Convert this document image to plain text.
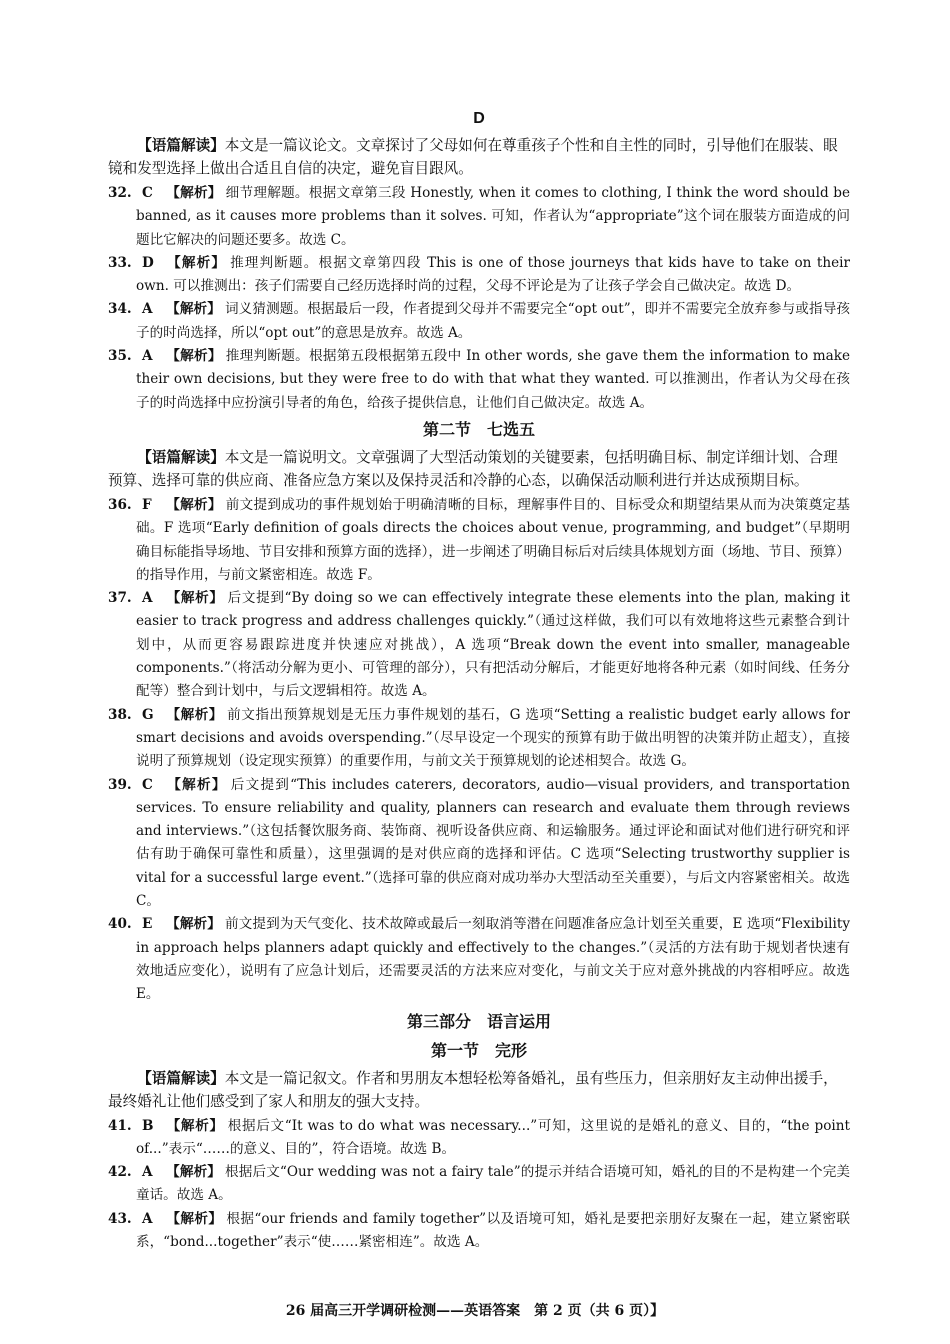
D

【语篇解读】本文是一篇议论文。文章探讨了父母如何在尊重孩子个性和自主性的同时，引导他们在服装、眼镜和发型选择上做出合适且自信的决定，避免盲目跟风。

32. C 【解析】 细节理解题。根据文章第三段 Honestly, when it comes to clothing, I think the word should be banned, as it causes more problems than it solves. 可知，作者认为“appropriate”这个词在服装方面造成的问题比它解决的问题还要多。故选 C。

33. D 【解析】 推理判断题。根据文章第四段 This is one of those journeys that kids have to take on their own. 可以推测出：孩子们需要自己经历选择时尚的过程，父母不评论是为了让孩子学会自己做决定。故选 D。

34. A 【解析】 词义猜测题。根据最后一段，作者提到父母并不需要完全“opt out”，即并不需要完全放弃参与或指导孩子的时尚选择，所以“opt out”的意思是放弃。故选 A。

35. A 【解析】 推理判断题。根据第五段根据第五段中 In other words, she gave them the information to make their own decisions, but they were free to do with that what they wanted. 可以推测出，作者认为父母在孩子的时尚选择中应扮演引导者的角色，给孩子提供信息，让他们自己做决定。故选 A。

第二节　七选五

【语篇解读】本文是一篇说明文。文章强调了大型活动策划的关键要素，包括明确目标、制定详细计划、合理预算、选择可靠的供应商、准备应急方案以及保持灵活和冷静的心态，以确保活动顺利进行并达成预期目标。

36. F 【解析】 前文提到成功的事件规划始于明确清晰的目标，理解事件目的、目标受众和期望结果从而为决策奠定基础。F 选项“Early definition of goals directs the choices about venue, programming, and budget”（早期明确目标能指导场地、节目安排和预算方面的选择），进一步阐述了明确目标后对后续具体规划方面（场地、节目、预算）的指导作用，与前文紧密相连。故选 F。

37. A 【解析】 后文提到“By doing so we can effectively integrate these elements into the plan, making it easier to track progress and address challenges quickly.”（通过这样做，我们可以有效地将这些元素整合到计划中，从而更容易跟踪进度并快速应对挑战），A 选项“Break down the event into smaller, manageable components.”（将活动分解为更小、可管理的部分），只有把活动分解后，才能更好地将各种元素（如时间线、任务分配等）整合到计划中，与后文逻辑相符。故选 A。

38. G 【解析】 前文指出预算规划是无压力事件规划的基石，G 选项“Setting a realistic budget early allows for smart decisions and avoids overspending.”（尽早设定一个现实的预算有助于做出明智的决策并防止超支），直接说明了预算规划（设定现实预算）的重要作用，与前文关于预算规划的论述相契合。故选 G。

39. C 【解析】 后文提到“This includes caterers, decorators, audio—visual providers, and transportation services. To ensure reliability and quality, planners can research and evaluate them through reviews and interviews.”（这包括餐饮服务商、装饰商、视听设备供应商、和运输服务。通过评论和面试对他们进行研究和评估有助于确保可靠性和质量），这里强调的是对供应商的选择和评估。C 选项“Selecting trustworthy supplier is vital for a successful large event.”（选择可靠的供应商对成功举办大型活动至关重要），与后文内容紧密相关。故选 C。

40. E 【解析】 前文提到为天气变化、技术故障或最后一刻取消等潜在问题准备应急计划至关重要，E 选项“Flexibility in approach helps planners adapt quickly and effectively to the changes.”（灵活的方法有助于规划者快速有效地适应变化），说明有了应急计划后，还需要灵活的方法来应对变化，与前文关于应对意外挑战的内容相呼应。故选 E。

第三部分　语言运用
第一节　完形

【语篇解读】本文是一篇记叙文。作者和男朋友本想轻松筹备婚礼，虽有些压力，但亲朋好友主动伸出援手，最终婚礼让他们感受到了家人和朋友的强大支持。

41. B 【解析】 根据后文“It was to do what was necessary...”可知，这里说的是婚礼的意义、目的，“the point of...”表示“……的意义、目的”，符合语境。故选 B。

42. A 【解析】 根据后文“Our wedding was not a fairy tale”的提示并结合语境可知，婚礼的目的不是构建一个完美童话。故选 A。

43. A 【解析】 根据“our friends and family together”以及语境可知，婚礼是要把亲朋好友聚在一起，建立紧密联系，“bond...together”表示“使……紧密相连”。故选 A。

26 届高三开学调研检测——英语答案　第 2 页（共 6 页）】
